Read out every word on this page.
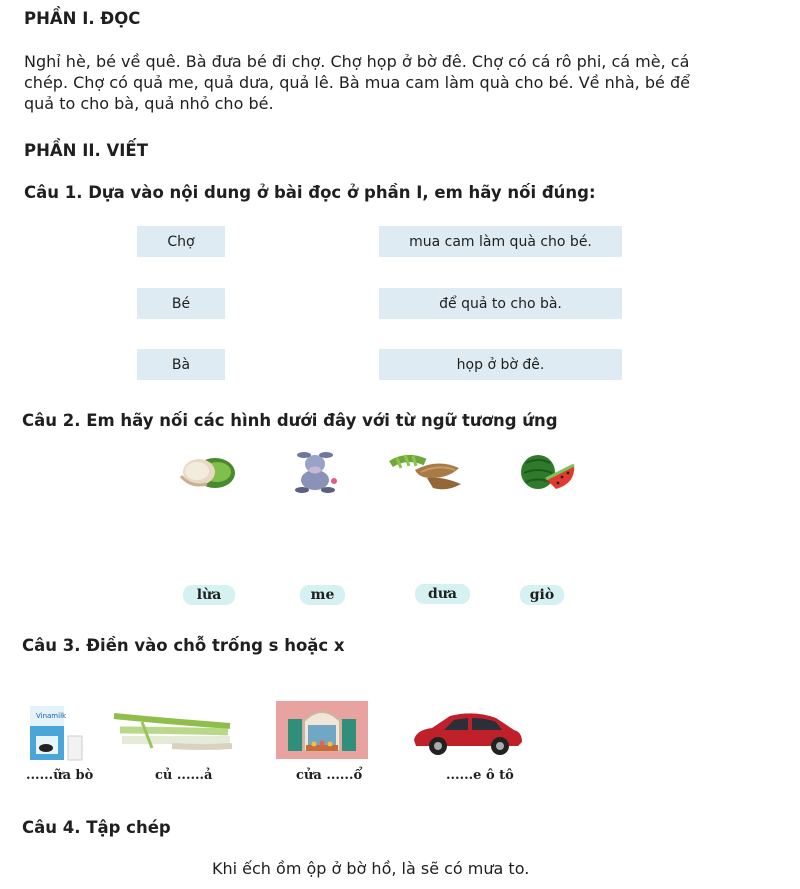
PHẦN I. ĐỌC
Nghỉ hè, bé về quê. Bà đưa bé đi chợ. Chợ họp ở bờ đê. Chợ có cá rô phi, cá mè, cá
chép. Chợ có quả me, quả dưa, quả lê. Bà mua cam làm quà cho bé. Về nhà, bé để
quả to cho bà, quả nhỏ cho bé.
PHẦN II. VIẾT
Câu 1. Dựa vào nội dung ở bài đọc ở phần I, em hãy nối đúng:
Chợ
Bé
Bà
mua cam làm quà cho bé.
để quả to cho bà.
họp ở bờ đê.
Câu 2. Em hãy nối các hình dưới đây với từ ngữ tương ứng
lừa	me	dưa	giò
Câu 3. Điền vào chỗ trống s hoặc x
Vinamilk
......ữa bò	củ ......ả	cửa ......ổ	......e ô tô
Câu 4. Tập chép
Khi ếch ồm ộp ở bờ hồ, là sẽ có mưa to.
